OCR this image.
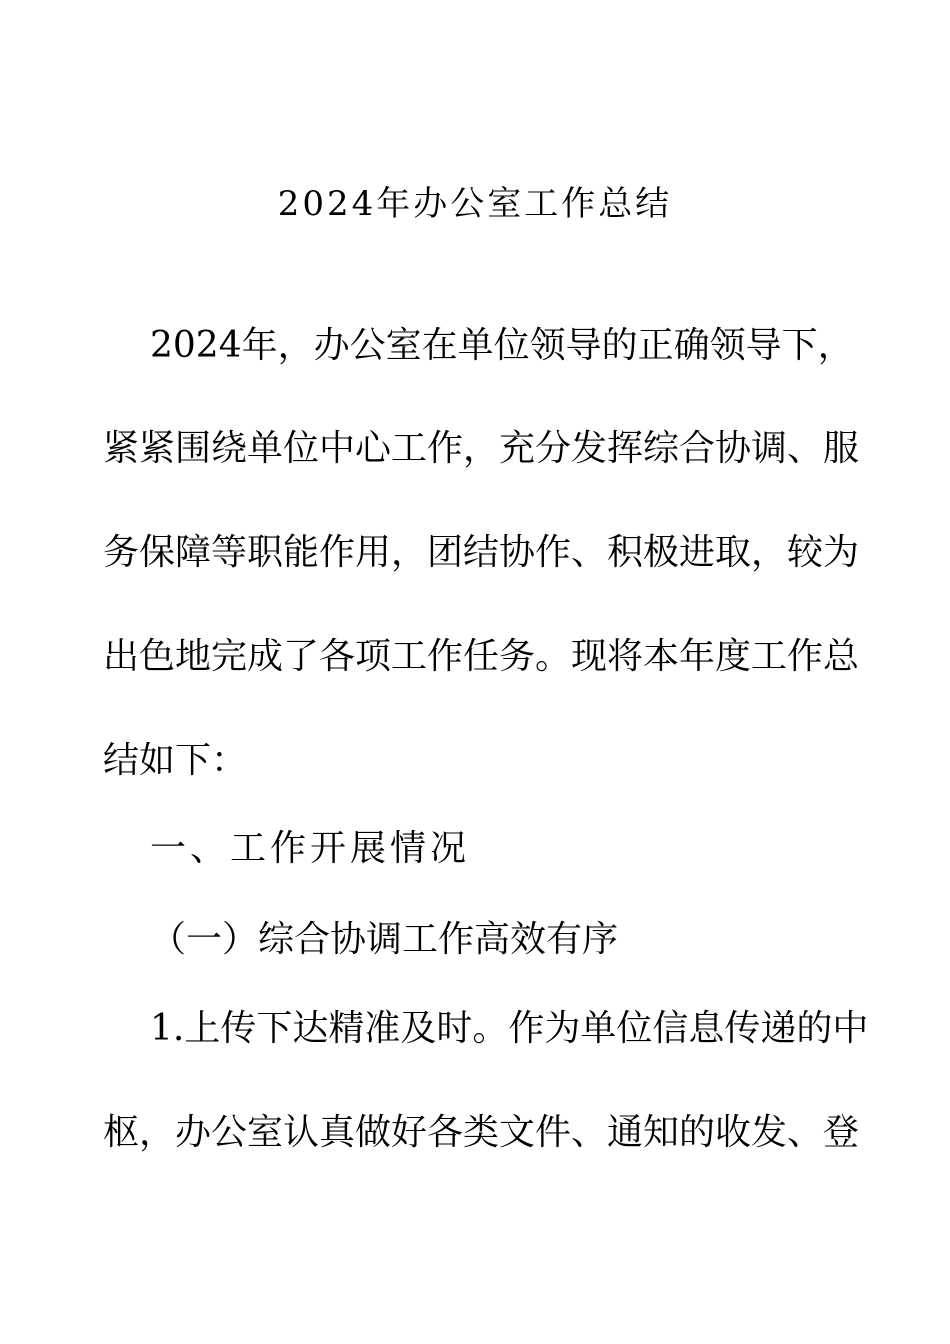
2024年办公室工作总结
2024年，办公室在单位领导的正确领导下，
紧紧围绕单位中心工作，充分发挥综合协调、服
务保障等职能作用，团结协作、积极进取，较为
出色地完成了各项工作任务。现将本年度工作总
结如下：
一、工作开展情况
（一）综合协调工作高效有序
1.上传下达精准及时。作为单位信息传递的中
枢，办公室认真做好各类文件、通知的收发、登
